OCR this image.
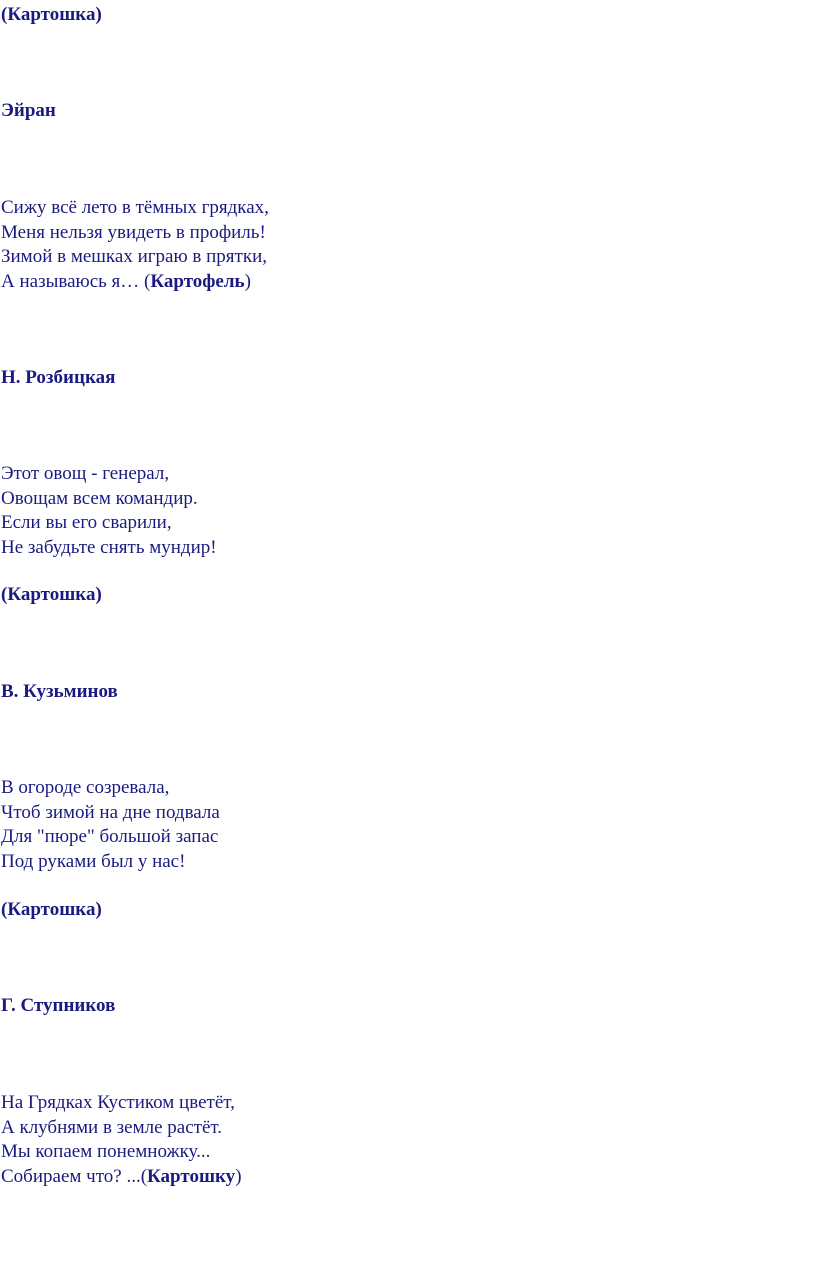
(Картошка)

Эйран

Сижу всё лето в тёмных грядках,
Меня нельзя увидеть в профиль!
Зимой в мешках играю в прятки,
А называюсь я… (Картофель)

Н. Розбицкая

Этот овощ - генерал,
Овощам всем командир.
Если вы его сварили,
Не забудьте снять мундир!

(Картошка)

В. Кузьминов

В огороде созревала,
Чтоб зимой на дне подвала
Для "пюре" большой запас
Под руками был у нас!

(Картошка)

Г. Ступников

На Грядках Кустиком цветёт,
А клубнями в земле растёт.
Мы копаем понемножку...
Собираем что? ...(Картошку)
